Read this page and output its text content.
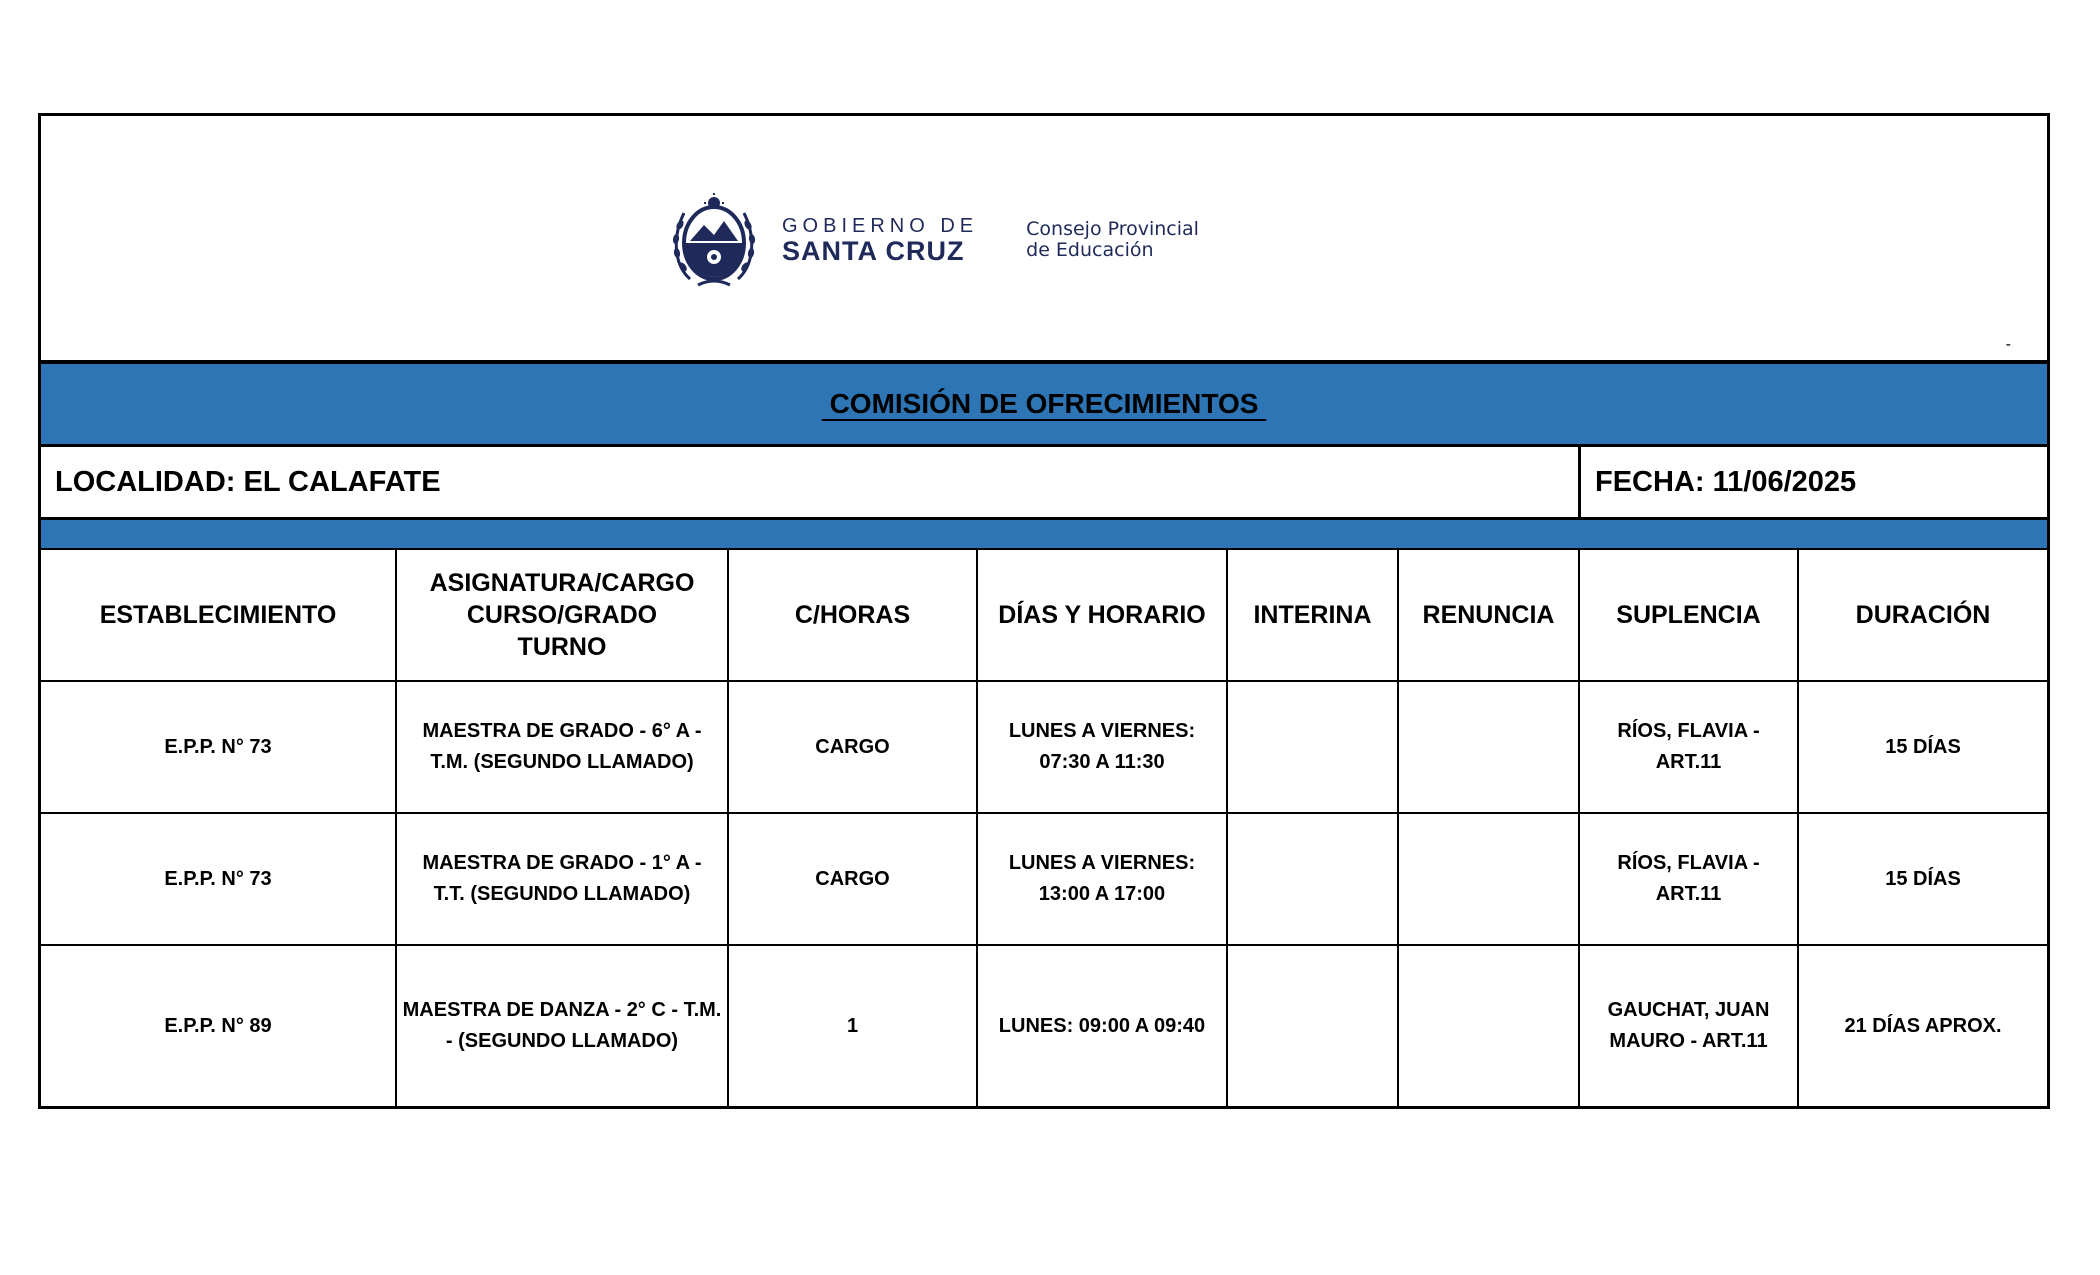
GOBIERNO DE
SANTA CRUZ
Consejo Provincial
de Educación
-
COMISIÓN DE OFRECIMIENTOS
LOCALIDAD: EL CALAFATE	FECHA: 11/06/2025
ESTABLECIMIENTO	ASIGNATURA/CARGO CURSO/GRADO TURNO	C/HORAS	DÍAS Y HORARIO	INTERINA	RENUNCIA	SUPLENCIA	DURACIÓN
E.P.P. N° 73	MAESTRA DE GRADO - 6° A - T.M. (SEGUNDO LLAMADO)	CARGO	LUNES A VIERNES: 07:30 A 11:30			RÍOS, FLAVIA - ART.11	15 DÍAS
E.P.P. N° 73	MAESTRA DE GRADO - 1° A -T.T. (SEGUNDO LLAMADO)	CARGO	LUNES A VIERNES: 13:00 A 17:00			RÍOS, FLAVIA - ART.11	15 DÍAS
E.P.P. N° 89	MAESTRA DE DANZA - 2° C - T.M. - (SEGUNDO LLAMADO)	1	LUNES: 09:00 A 09:40			GAUCHAT, JUAN MAURO - ART.11	21 DÍAS APROX.
